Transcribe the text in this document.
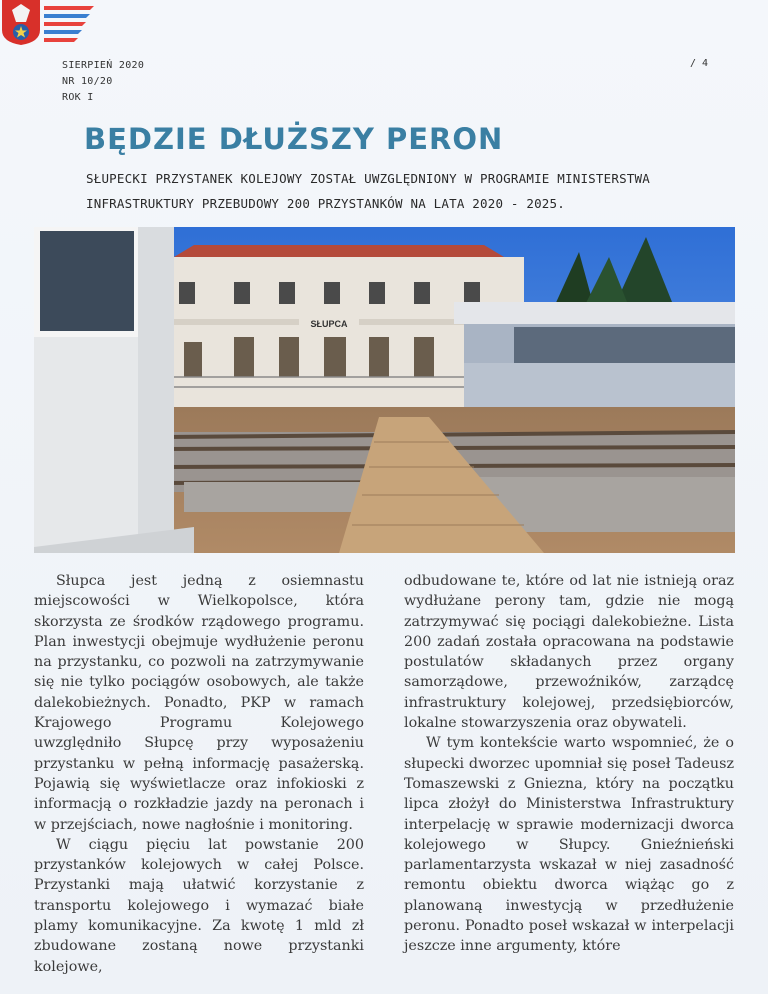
SIERPIEŃ 2020
NR 10/20
ROK I
/ 4
BĘDZIE DŁUŻSZY PERON
SŁUPECKI PRZYSTANEK KOLEJOWY ZOSTAŁ UWZGLĘDNIONY W PROGRAMIE MINISTERSTWA
INFRASTRUKTURY PRZEBUDOWY 200 PRZYSTANKÓW NA LATA 2020 - 2025.
SŁUPCA

Słupca jest jedną z osiemnastu miejscowości w Wielkopolsce, która skorzysta ze środków rządowego programu. Plan inwestycji obejmuje wydłużenie peronu na przystanku, co pozwoli na zatrzymywanie się nie tylko pociągów osobowych, ale także dalekobieżnych. Ponadto, PKP w ramach Krajowego Programu Kolejowego uwzględniło Słupcę przy wyposażeniu przystanku w pełną informację pasażerską. Pojawią się wyświetlacze oraz infokioski z informacją o rozkładzie jazdy na peronach i w przejściach, nowe nagłośnie i monitoring.

W ciągu pięciu lat powstanie 200 przystanków kolejowych w całej Polsce. Przystanki mają ułatwić korzystanie z transportu kolejowego i wymazać białe plamy komunikacyjne. Za kwotę 1 mld zł zbudowane zostaną nowe przystanki kolejowe,

odbudowane te, które od lat nie istnieją oraz wydłużane perony tam, gdzie nie mogą zatrzymywać się pociągi dalekobieżne. Lista 200 zadań została opracowana na podstawie postulatów składanych przez organy samorządowe, przewoźników, zarządcę infrastruktury kolejowej, przedsiębiorców, lokalne stowarzyszenia oraz obywateli.

W tym kontekście warto wspomnieć, że o słupecki dworzec upomniał się poseł Tadeusz Tomaszewski z Gniezna, który na początku lipca złożył do Ministerstwa Infrastruktury interpelację w sprawie modernizacji dworca kolejowego w Słupcy. Gnieźnieński parlamentarzysta wskazał w niej zasadność remontu obiektu dworca wiążąc go z planowaną inwestycją w przedłużenie peronu. Ponadto poseł wskazał w interpelacji jeszcze inne argumenty, które
